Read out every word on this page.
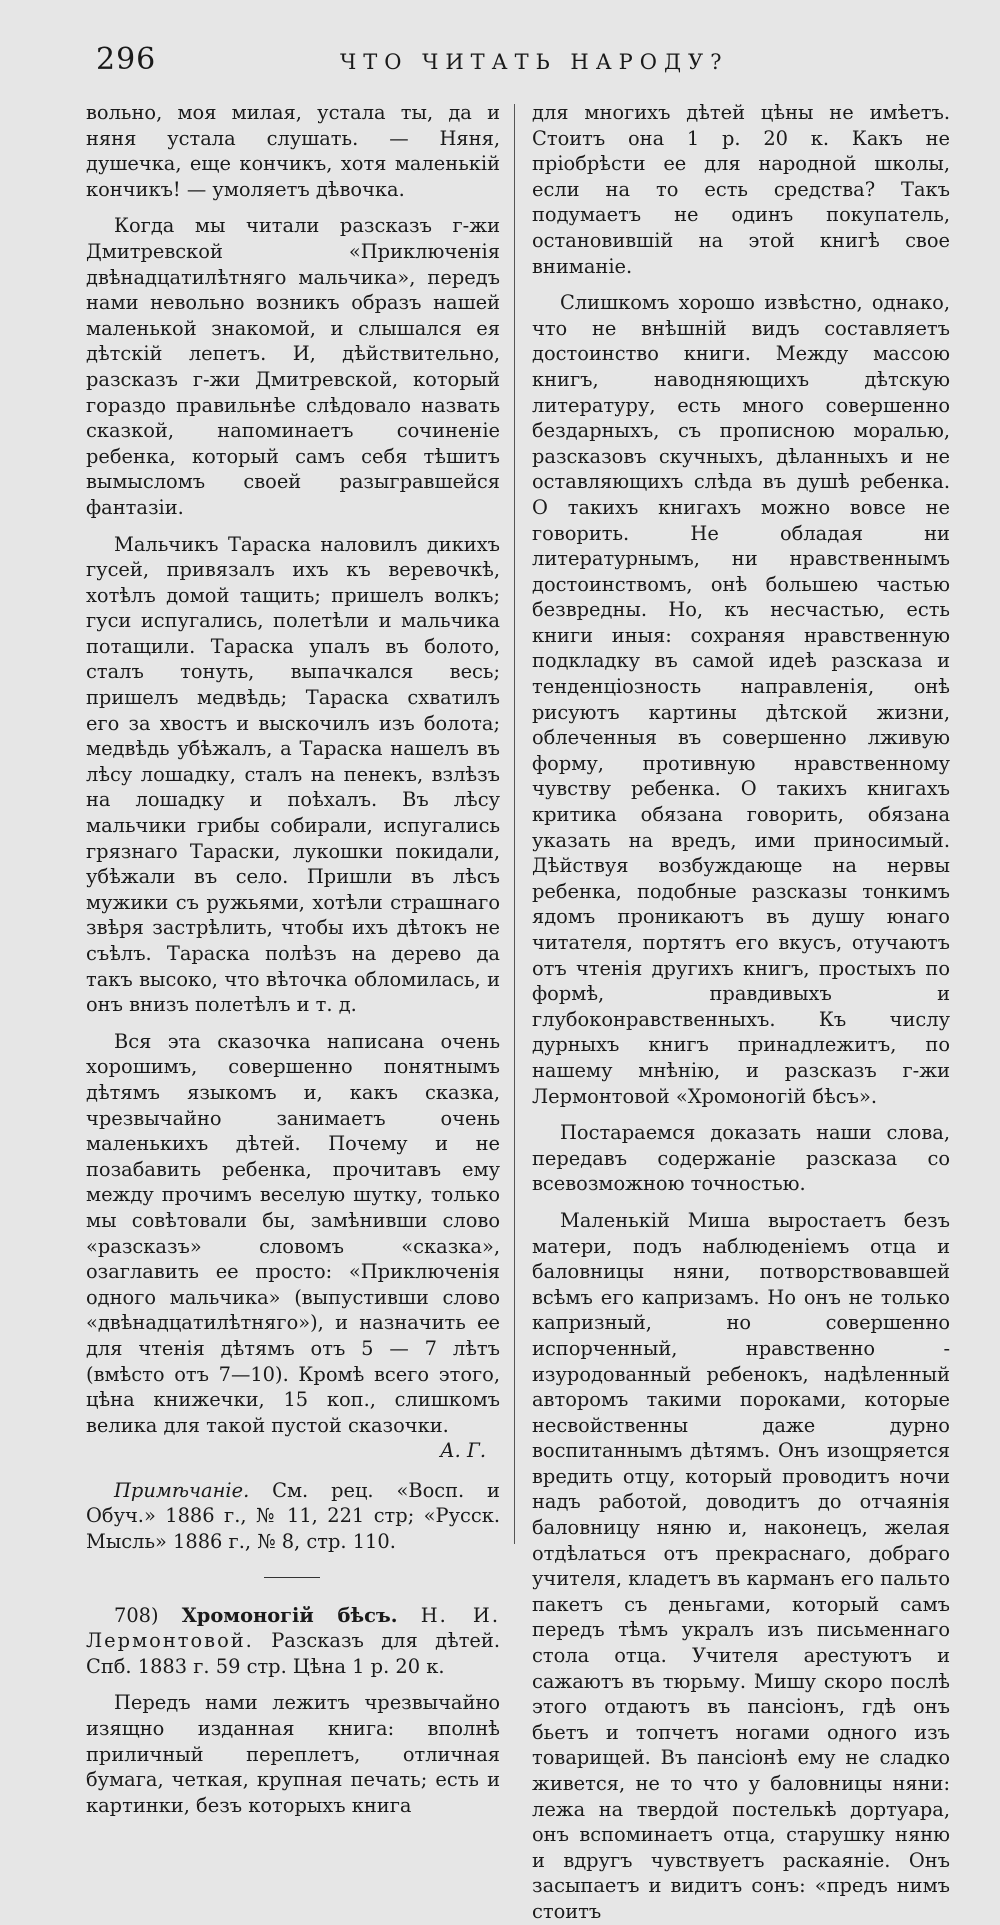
296	ЧТО ЧИТАТЬ НАРОДУ?

вольно, моя милая, устала ты, да и няня устала слушать. — Няня, душечка, еще кончикъ, хотя маленькій кончикъ! — умоляетъ дѣвочка.

Когда мы читали разсказъ г-жи Дмитревской «Приключенія двѣнадцатилѣтняго мальчика», передъ нами невольно возникъ образъ нашей маленькой знакомой, и слышался ея дѣтскій лепетъ. И, дѣйствительно, разсказъ г-жи Дмитревской, который гораздо правильнѣе слѣдовало назвать сказкой, напоминаетъ сочиненіе ребенка, который самъ себя тѣшитъ вымысломъ своей разыгравшейся фантазіи.

Мальчикъ Тараска наловилъ дикихъ гусей, привязалъ ихъ къ веревочкѣ, хотѣлъ домой тащить; пришелъ волкъ; гуси испугались, полетѣли и мальчика потащили. Тараска упалъ въ болото, сталъ тонуть, выпачкался весь; пришелъ медвѣдь; Тараска схватилъ его за хвостъ и выскочилъ изъ болота; медвѣдь убѣжалъ, а Тараска нашелъ въ лѣсу лошадку, сталъ на пенекъ, взлѣзъ на лошадку и поѣхалъ. Въ лѣсу мальчики грибы собирали, испугались грязнаго Тараски, лукошки покидали, убѣжали въ село. Пришли въ лѣсъ мужики съ ружьями, хотѣли страшнаго звѣря застрѣлить, чтобы ихъ дѣтокъ не съѣлъ. Тараска полѣзъ на дерево да такъ высоко, что вѣточка обломилась, и онъ внизъ полетѣлъ и т. д.

Вся эта сказочка написана очень хорошимъ, совершенно понятнымъ дѣтямъ языкомъ и, какъ сказка, чрезвычайно занимаетъ очень маленькихъ дѣтей. Почему и не позабавить ребенка, прочитавъ ему между прочимъ веселую шутку, только мы совѣтовали бы, замѣнивши слово «разсказъ» словомъ «сказка», озаглавить ее просто: «Приключенія одного мальчика» (выпустивши слово «двѣнадцатилѣтняго»), и назначить ее для чтенія дѣтямъ отъ 5 — 7 лѣтъ (вмѣсто отъ 7—10). Кромѣ всего этого, цѣна книжечки, 15 коп., слишкомъ велика для такой пустой сказочки.

А. Г.

Примѣчаніе. См. рец. «Восп. и Обуч.» 1886 г., № 11, 221 стр; «Русск. Мысль» 1886 г., № 8, стр. 110.

708) Хромоногій бѣсъ. Н. И. Лермонтовой. Разсказъ для дѣтей. Спб. 1883 г. 59 стр. Цѣна 1 р. 20 к.

Передъ нами лежитъ чрезвычайно изящно изданная книга: вполнѣ приличный переплетъ, отличная бумага, четкая, крупная печать; есть и картинки, безъ которыхъ книга

для многихъ дѣтей цѣны не имѣетъ. Стоитъ она 1 р. 20 к. Какъ не пріобрѣсти ее для народной школы, если на то есть средства? Такъ подумаетъ не одинъ покупатель, остановившій на этой книгѣ свое вниманіе.

Слишкомъ хорошо извѣстно, однако, что не внѣшній видъ составляетъ достоинство книги. Между массою книгъ, наводняющихъ дѣтскую литературу, есть много совершенно бездарныхъ, съ прописною моралью, разсказовъ скучныхъ, дѣланныхъ и не оставляющихъ слѣда въ душѣ ребенка. О такихъ книгахъ можно вовсе не говорить. Не обладая ни литературнымъ, ни нравственнымъ достоинствомъ, онѣ большею частью безвредны. Но, къ несчастью, есть книги иныя: сохраняя нравственную подкладку въ самой идеѣ разсказа и тенденціозность направленія, онѣ рисуютъ картины дѣтской жизни, облеченныя въ совершенно лживую форму, противную нравственному чувству ребенка. О такихъ книгахъ критика обязана говорить, обязана указать на вредъ, ими приносимый. Дѣйствуя возбуждающе на нервы ребенка, подобные разсказы тонкимъ ядомъ проникаютъ въ душу юнаго читателя, портятъ его вкусъ, отучаютъ отъ чтенія другихъ книгъ, простыхъ по формѣ, правдивыхъ и глубоконравственныхъ. Къ числу дурныхъ книгъ принадлежитъ, по нашему мнѣнію, и разсказъ г-жи Лермонтовой «Хромоногій бѣсъ».

Постараемся доказать наши слова, передавъ содержаніе разсказа со всевозможною точностью.

Маленькій Миша выростаетъ безъ матери, подъ наблюденіемъ отца и баловницы няни, потворствовавшей всѣмъ его капризамъ. Но онъ не только капризный, но совершенно испорченный, нравственно - изуродованный ребенокъ, надѣленный авторомъ такими пороками, которые несвойственны даже дурно воспитаннымъ дѣтямъ. Онъ изощряется вредить отцу, который проводитъ ночи надъ работой, доводитъ до отчаянія баловницу няню и, наконецъ, желая отдѣлаться отъ прекраснаго, добраго учителя, кладетъ въ карманъ его пальто пакетъ съ деньгами, который самъ передъ тѣмъ укралъ изъ письменнаго стола отца. Учителя арестуютъ и сажаютъ въ тюрьму. Мишу скоро послѣ этого отдаютъ въ пансіонъ, гдѣ онъ бьетъ и топчетъ ногами одного изъ товарищей. Въ пансіонѣ ему не сладко живется, не то что у баловницы няни: лежа на твердой постелькѣ дортуара, онъ вспоминаетъ отца, старушку няню и вдругъ чувствуетъ раскаяніе. Онъ засыпаетъ и видитъ сонъ: «предъ нимъ стоитъ
